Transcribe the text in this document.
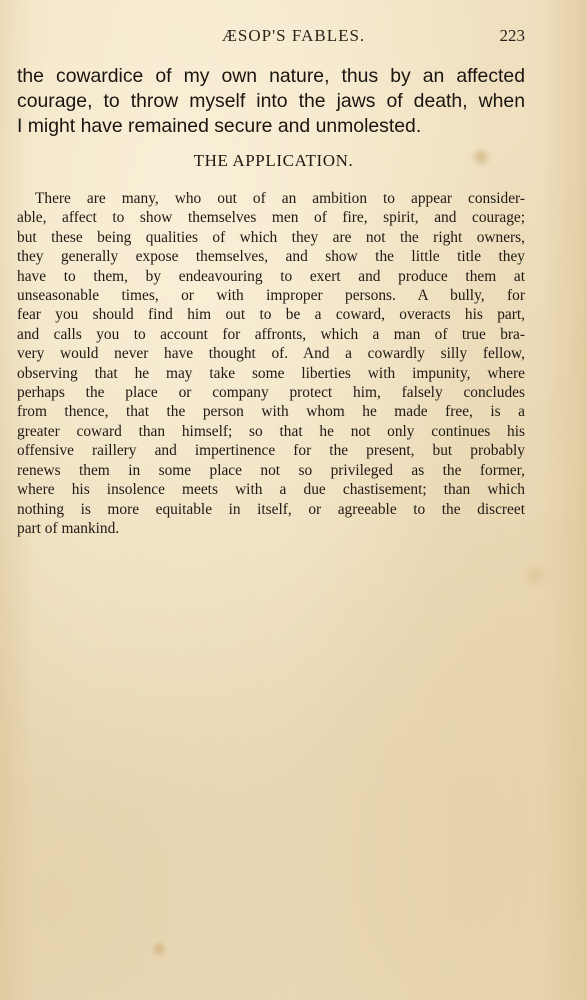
ÆSOP'S FABLES.	223
the cowardice of my own nature, thus by an affected
courage, to throw myself into the jaws of death, when
I might have remained secure and unmolested.
THE APPLICATION.
There are many, who out of an ambition to appear consider-
able, affect to show themselves men of fire, spirit, and courage;
but these being qualities of which they are not the right owners,
they generally expose themselves, and show the little title they
have to them, by endeavouring to exert and produce them at
unseasonable times, or with improper persons. A bully, for
fear you should find him out to be a coward, overacts his part,
and calls you to account for affronts, which a man of true bra-
very would never have thought of. And a cowardly silly fellow,
observing that he may take some liberties with impunity, where
perhaps the place or company protect him, falsely concludes
from thence, that the person with whom he made free, is a
greater coward than himself; so that he not only continues his
offensive raillery and impertinence for the present, but probably
renews them in some place not so privileged as the former,
where his insolence meets with a due chastisement; than which
nothing is more equitable in itself, or agreeable to the discreet
part of mankind.
